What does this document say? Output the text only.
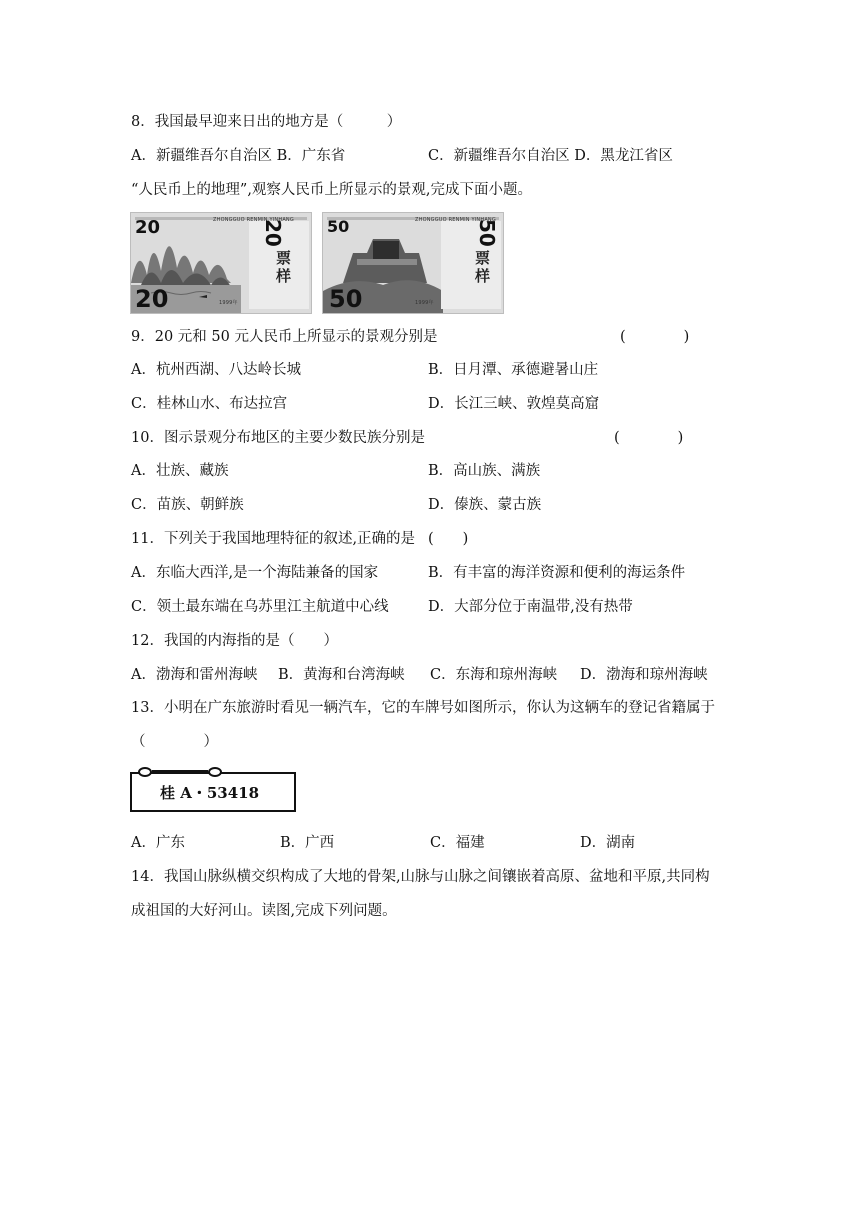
8．我国最早迎来日出的地方是（　　　）
A．新疆维吾尔自治区 B．广东省	C．新疆维吾尔自治区 D．黑龙江省区
“人民币上的地理”,观察人民币上所显示的景观,完成下面小题。
ZHONGGUO RENMIN YINHANG
20
20
20
票
样
1999年
ZHONGGUO RENMIN YINHANG
50
50
50
票
样
1999年
9．20 元和 50 元人民币上所显示的景观分别是	(　　　　)
A．杭州西湖、八达岭长城	B．日月潭、承德避暑山庄
C．桂林山水、布达拉宫	D．长江三峡、敦煌莫高窟
10．图示景观分布地区的主要少数民族分别是	(　　　　)
A．壮族、藏族	B．高山族、满族
C．苗族、朝鲜族	D．傣族、蒙古族
11．下列关于我国地理特征的叙述,正确的是 (　　)
A．东临大西洋,是一个海陆兼备的国家	B．有丰富的海洋资源和便利的海运条件
C．领土最东端在乌苏里江主航道中心线	D．大部分位于南温带,没有热带
12．我国的内海指的是（　　）
A．渤海和雷州海峡 B．黄海和台湾海峡 C．东海和琼州海峡 D．渤海和琼州海峡
13．小明在广东旅游时看见一辆汽车，它的车牌号如图所示，你认为这辆车的登记省籍属于
（　　　　）
桂 A・53418
A．广东	B．广西	C．福建	D．湖南
14．我国山脉纵横交织构成了大地的骨架,山脉与山脉之间镶嵌着高原、盆地和平原,共同构
成祖国的大好河山。读图,完成下列问题。
